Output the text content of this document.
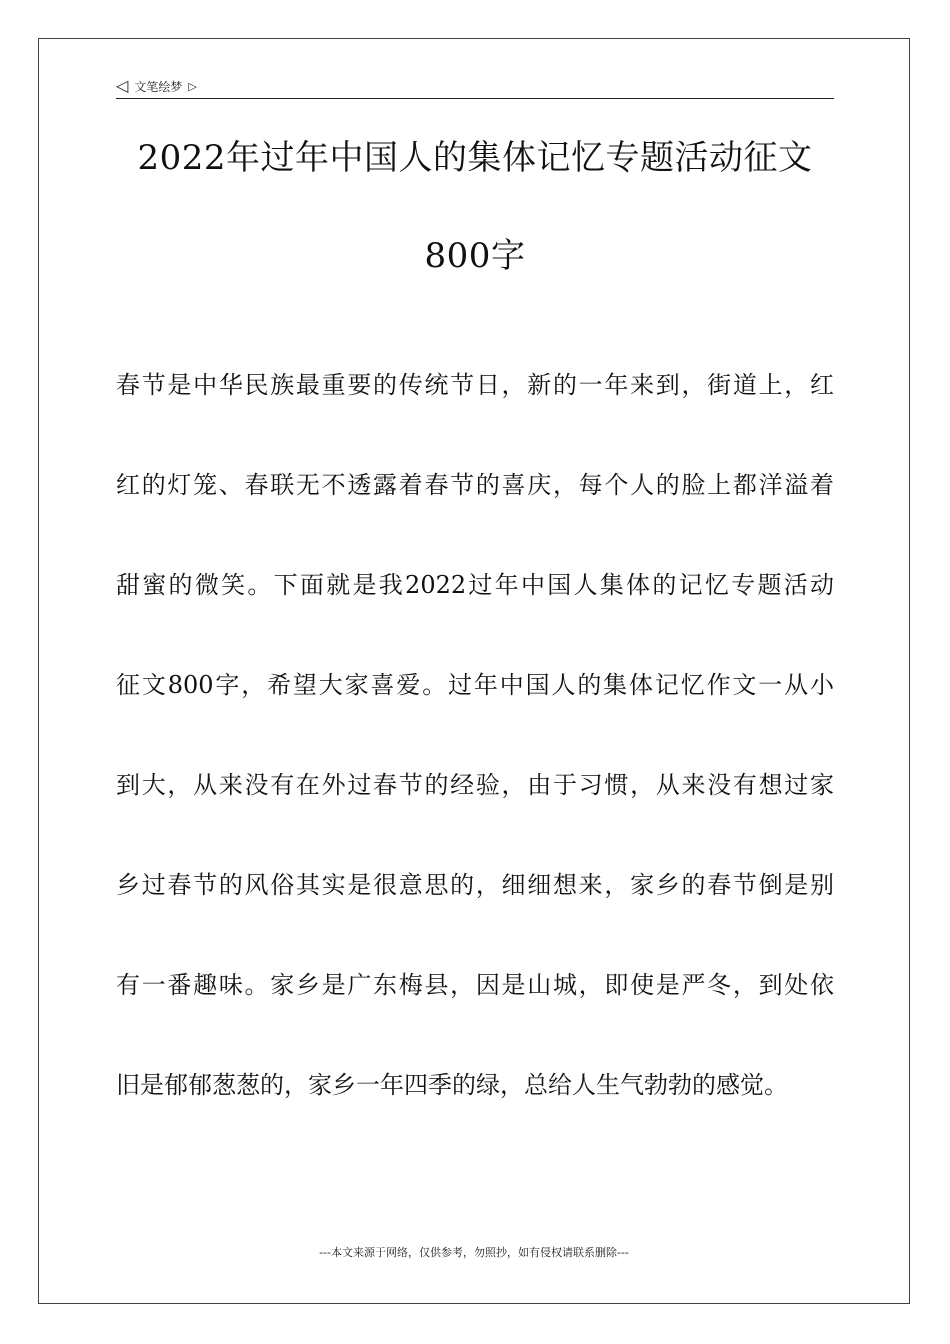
◁ 文笔绘梦 ▷
2022年过年中国人的集体记忆专题活动征文
800字
春节是中华民族最重要的传统节日，新的一年来到，街道上，红
红的灯笼、春联无不透露着春节的喜庆，每个人的脸上都洋溢着
甜蜜的微笑。下面就是我2022过年中国人集体的记忆专题活动
征文800字，希望大家喜爱。过年中国人的集体记忆作文一从小
到大，从来没有在外过春节的经验，由于习惯，从来没有想过家
乡过春节的风俗其实是很意思的，细细想来，家乡的春节倒是别
有一番趣味。家乡是广东梅县，因是山城，即使是严冬，到处依
旧是郁郁葱葱的，家乡一年四季的绿，总给人生气勃勃的感觉。
---本文来源于网络，仅供参考，勿照抄，如有侵权请联系删除---
